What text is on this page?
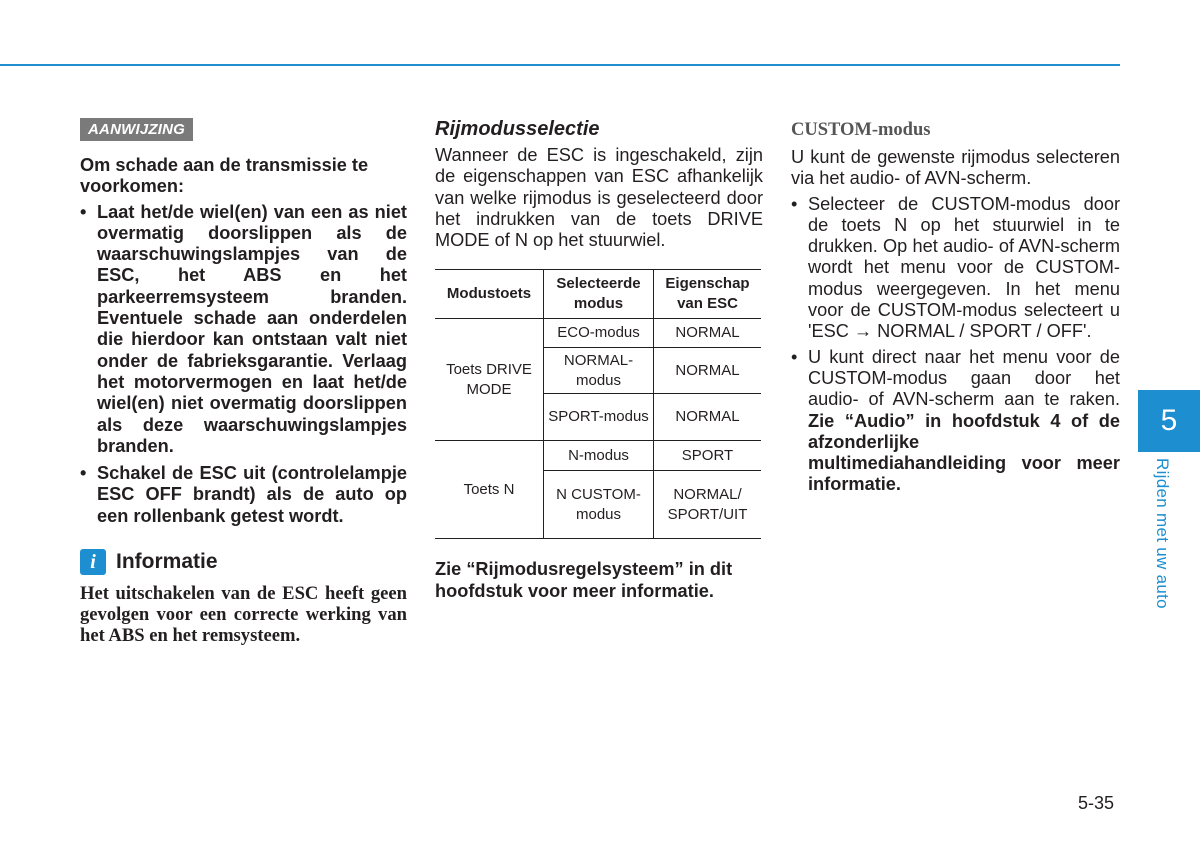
AANWIJZING
Om schade aan de transmissie te voorkomen:
• Laat het/de wiel(en) van een as niet overmatig doorslippen als de waarschuwingslampjes van de ESC, het ABS en het parkeerremsysteem branden. Eventuele schade aan onderdelen die hierdoor kan ontstaan valt niet onder de fabrieksgarantie. Verlaag het motorvermogen en laat het/de wiel(en) niet overmatig doorslippen als deze waarschuwingslampjes branden.
• Schakel de ESC uit (controlelampje ESC OFF brandt) als de auto op een rollenbank getest wordt.
i Informatie
Het uitschakelen van de ESC heeft geen gevolgen voor een correcte werking van het ABS en het remsysteem.
Rijmodusselectie
Wanneer de ESC is ingeschakeld, zijn de eigenschappen van ESC afhankelijk van welke rijmodus is geselecteerd door het indrukken van de toets DRIVE MODE of N op het stuurwiel.
Modustoets	Selecteerde modus	Eigenschap van ESC
Toets DRIVE MODE	ECO-modus	NORMAL
	NORMAL-modus	NORMAL
	SPORT-modus	NORMAL
Toets N	N-modus	SPORT
	N CUSTOM-modus	NORMAL/ SPORT/UIT
Zie “Rijmodusregelsysteem” in dit hoofdstuk voor meer informatie.
CUSTOM-modus
U kunt de gewenste rijmodus selecteren via het audio- of AVN-scherm.
• Selecteer de CUSTOM-modus door de toets N op het stuurwiel in te drukken. Op het audio- of AVN-scherm wordt het menu voor de CUSTOM-modus weergegeven. In het menu voor de CUSTOM-modus selecteert u 'ESC → NORMAL / SPORT / OFF'.
• U kunt direct naar het menu voor de CUSTOM-modus gaan door het audio- of AVN-scherm aan te raken. Zie “Audio” in hoofdstuk 4 of de afzonderlijke multimediahandleiding voor meer informatie.
5
Rijden met uw auto
5-35
